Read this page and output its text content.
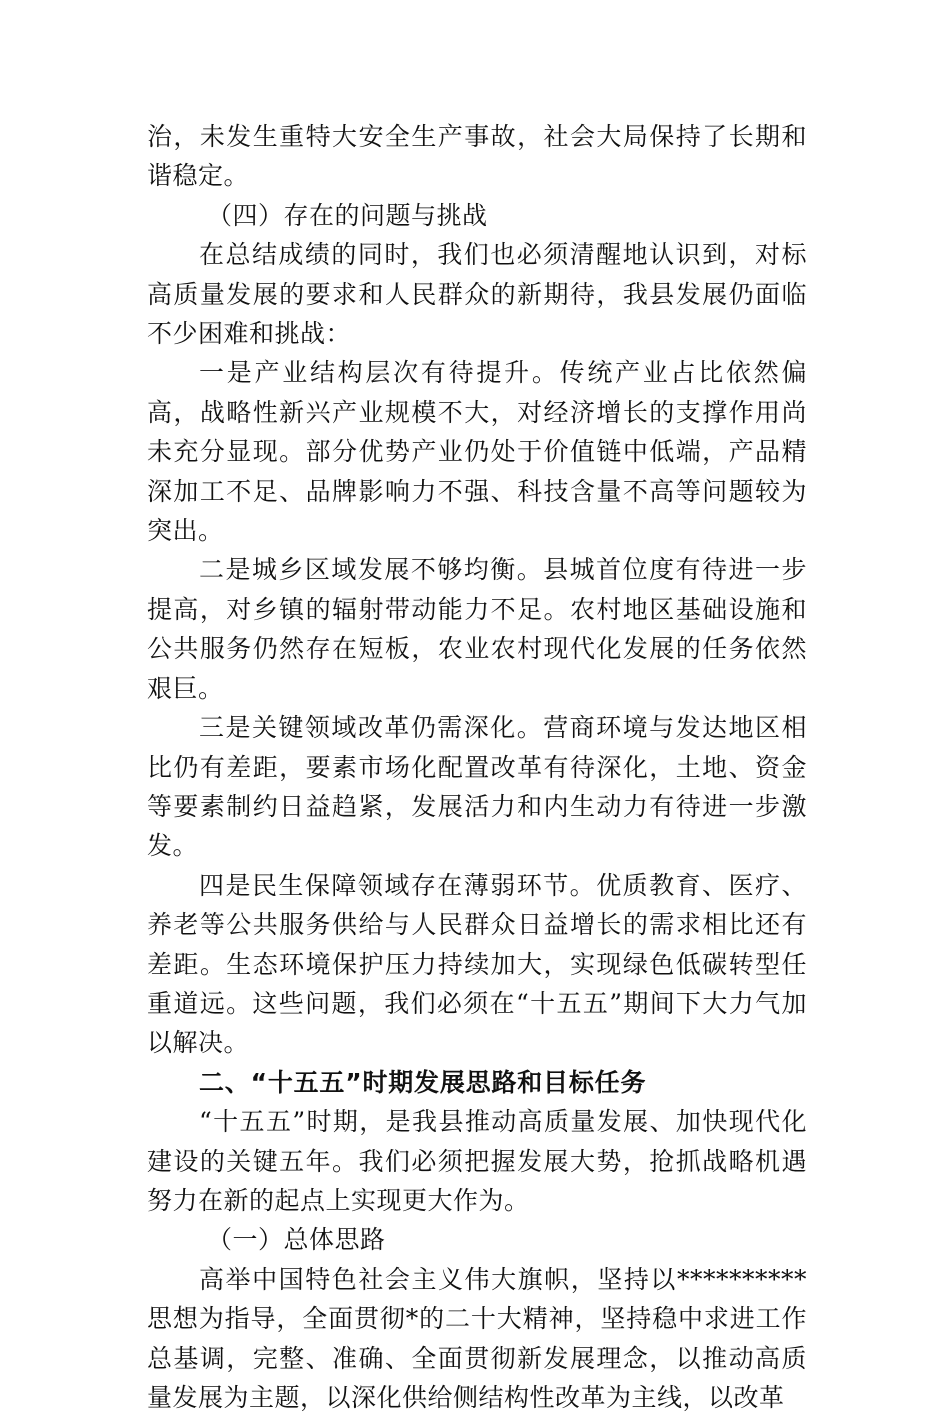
治，未发生重特大安全生产事故，社会大局保持了长期和谐稳定。

（四）存在的问题与挑战

在总结成绩的同时，我们也必须清醒地认识到，对标高质量发展的要求和人民群众的新期待，我县发展仍面临不少困难和挑战：

一是产业结构层次有待提升。传统产业占比依然偏高，战略性新兴产业规模不大，对经济增长的支撑作用尚未充分显现。部分优势产业仍处于价值链中低端，产品精深加工不足、品牌影响力不强、科技含量不高等问题较为突出。

二是城乡区域发展不够均衡。县城首位度有待进一步提高，对乡镇的辐射带动能力不足。农村地区基础设施和公共服务仍然存在短板，农业农村现代化发展的任务依然艰巨。

三是关键领域改革仍需深化。营商环境与发达地区相比仍有差距，要素市场化配置改革有待深化，土地、资金等要素制约日益趋紧，发展活力和内生动力有待进一步激发。

四是民生保障领域存在薄弱环节。优质教育、医疗、养老等公共服务供给与人民群众日益增长的需求相比还有差距。生态环境保护压力持续加大，实现绿色低碳转型任重道远。这些问题，我们必须在“十五五”期间下大力气加以解决。

二、“十五五”时期发展思路和目标任务

“十五五”时期，是我县推动高质量发展、加快现代化建设的关键五年。我们必须把握发展大势，抢抓战略机遇努力在新的起点上实现更大作为。

（一）总体思路

高举中国特色社会主义伟大旗帜，坚持以**********思想为指导，全面贯彻*的二十大精神，坚持稳中求进工作总基调，完整、准确、全面贯彻新发展理念，以推动高质量发展为主题，以深化供给侧结构性改革为主线，以改革
